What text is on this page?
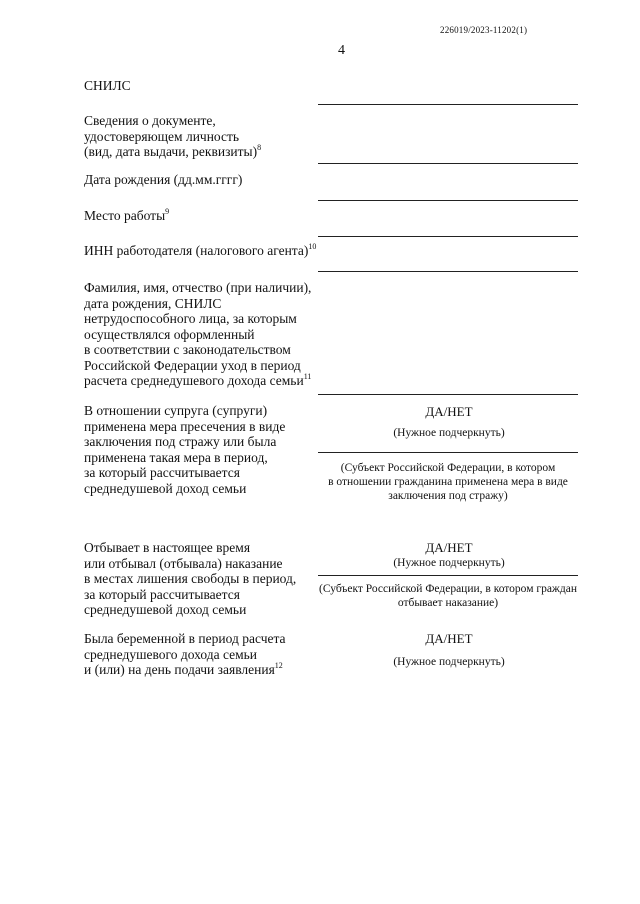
226019/2023-11202(1)
4
СНИЛС
Сведения о документе,
удостоверяющем личность
(вид, дата выдачи, реквизиты)$^8$
Дата рождения (дд.мм.гггг)
Место работы$^9$
ИНН работодателя (налогового агента)$^{10}$
Фамилия, имя, отчество (при наличии),
дата рождения, СНИЛС
нетрудоспособного лица, за которым
осуществлялся оформленный
в соответствии с законодательством
Российской Федерации уход в период
расчета среднедушевого дохода семьи$^{11}$
В отношении супруга (супруги)
применена мера пресечения в виде
заключения под стражу или была
применена такая мера в период,
за который рассчитывается
среднедушевой доход семьи
ДА/НЕТ
(Нужное подчеркнуть)
(Субъект Российской Федерации, в котором
в отношении гражданина применена мера в виде
заключения под стражу)
Отбывает в настоящее время
или отбывал (отбывала) наказание
в местах лишения свободы в период,
за который рассчитывается
среднедушевой доход семьи
ДА/НЕТ
(Нужное подчеркнуть)
(Субъект Российской Федерации, в котором граждан
отбывает наказание)
Была беременной в период расчета
среднедушевого дохода семьи
и (или) на день подачи заявления$^{12}$
ДА/НЕТ
(Нужное подчеркнуть)
